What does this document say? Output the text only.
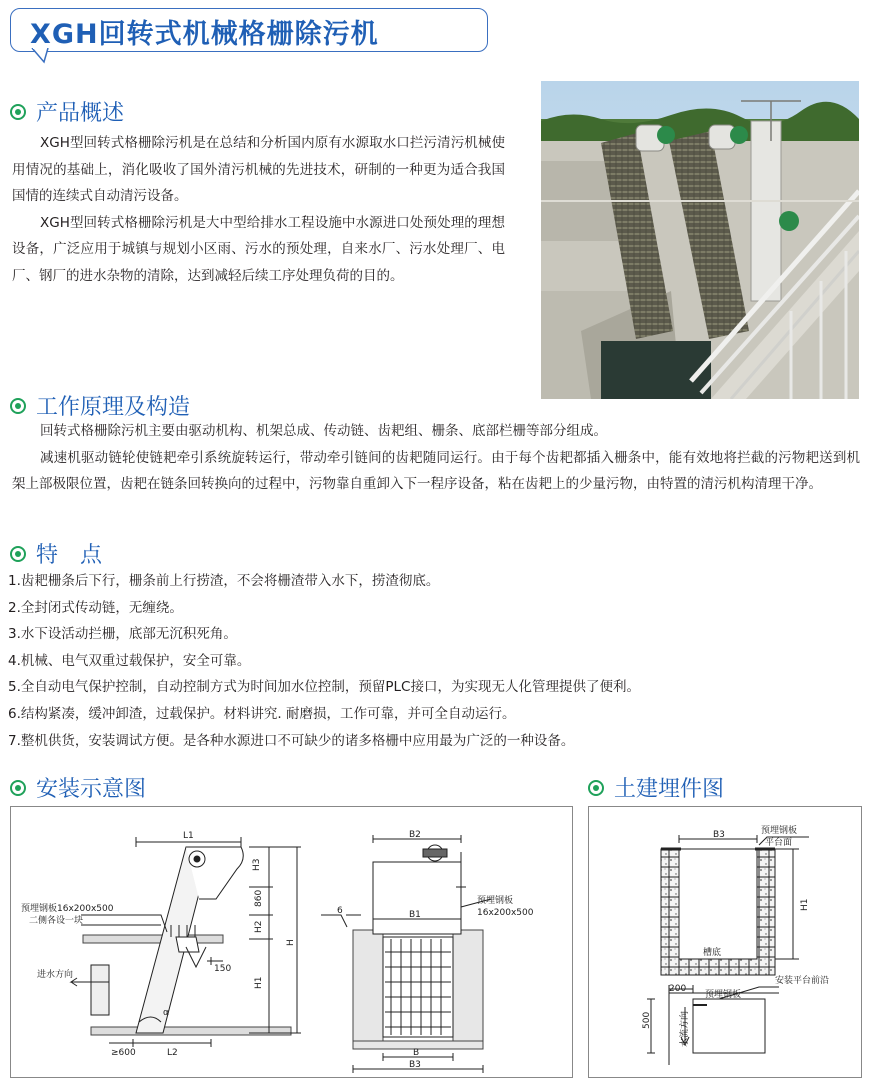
XGH回转式机械格栅除污机
产品概述

XGH型回转式格栅除污机是在总结和分析国内原有水源取水口拦污清污机械使用情况的基础上，消化吸收了国外清污机械的先进技术，研制的一种更为适合我国国情的连续式自动清污设备。

XGH型回转式格栅除污机是大中型给排水工程设施中水源进口处预处理的理想设备，广泛应用于城镇与规划小区雨、污水的预处理，自来水厂、污水处理厂、电厂、钢厂的进水杂物的清除，达到减轻后续工序处理负荷的目的。

工作原理及构造

回转式格栅除污机主要由驱动机构、机架总成、传动链、齿耙组、栅条、底部栏栅等部分组成。

减速机驱动链轮使链耙牵引系统旋转运行，带动牵引链间的齿耙随同运行。由于每个齿耙都插入栅条中，能有效地将拦截的污物耙送到机架上部极限位置，齿耙在链条回转换向的过程中，污物靠自重卸入下一程序设备，粘在齿耙上的少量污物，由特置的清污机构清理干净。

特　点
1.齿耙栅条后下行，栅条前上行捞渣，不会将栅渣带入水下，捞渣彻底。
2.全封闭式传动链，无缠绕。
3.水下设活动拦栅，底部无沉积死角。
4.机械、电气双重过载保护，安全可靠。
5.全自动电气保护控制，自动控制方式为时间加水位控制，预留PLC接口，为实现无人化管理提供了便利。
6.结构紧凑，缓冲卸渣，过载保护。材料讲究. 耐磨损，工作可靠，并可全自动运行。
7.整机供货，安装调试方便。是各种水源进口不可缺少的诸多格栅中应用最为广泛的一种设备。
安装示意图	土建埋件图
L1
H3
860
H2
H
H1
150
L2
≥600
预埋钢板16x200x500
二侧各设一块
进水方向
α
B2
B1
B
B3
6
预埋钢板
16x200x500
B3	预埋钢板
平台面
H1
槽底
200
预埋钢板
安装平台前沿
500	水流方向
